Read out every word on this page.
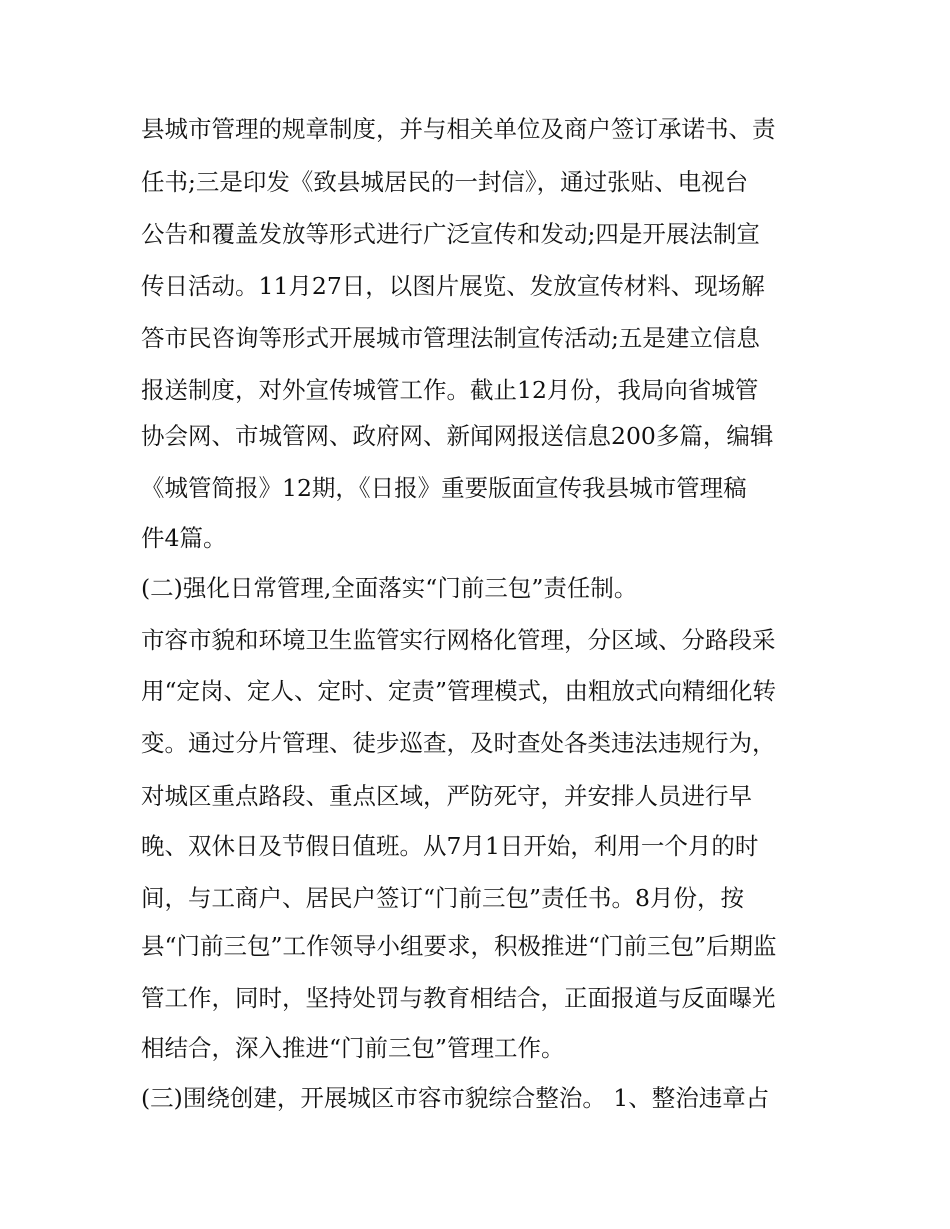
县城市管理的规章制度，并与相关单位及商户签订承诺书、责
任书;三是印发《致县城居民的一封信》，通过张贴、电视台
公告和覆盖发放等形式进行广泛宣传和发动;四是开展法制宣
传日活动。11月27日，以图片展览、发放宣传材料、现场解
答市民咨询等形式开展城市管理法制宣传活动;五是建立信息
报送制度，对外宣传城管工作。截止12月份，我局向省城管
协会网、市城管网、政府网、新闻网报送信息200多篇，编辑
《城管简报》12期，《日报》重要版面宣传我县城市管理稿
件4篇。
(二)强化日常管理,全面落实“门前三包”责任制。
市容市貌和环境卫生监管实行网格化管理，分区域、分路段采
用“定岗、定人、定时、定责”管理模式，由粗放式向精细化转
变。通过分片管理、徒步巡查，及时查处各类违法违规行为，
对城区重点路段、重点区域，严防死守，并安排人员进行早
晚、双休日及节假日值班。从7月1日开始，利用一个月的时
间，与工商户、居民户签订“门前三包”责任书。8月份，按
县“门前三包”工作领导小组要求，积极推进“门前三包”后期监
管工作，同时，坚持处罚与教育相结合，正面报道与反面曝光
相结合，深入推进“门前三包”管理工作。
(三)围绕创建，开展城区市容市貌综合整治。 1、整治违章占
